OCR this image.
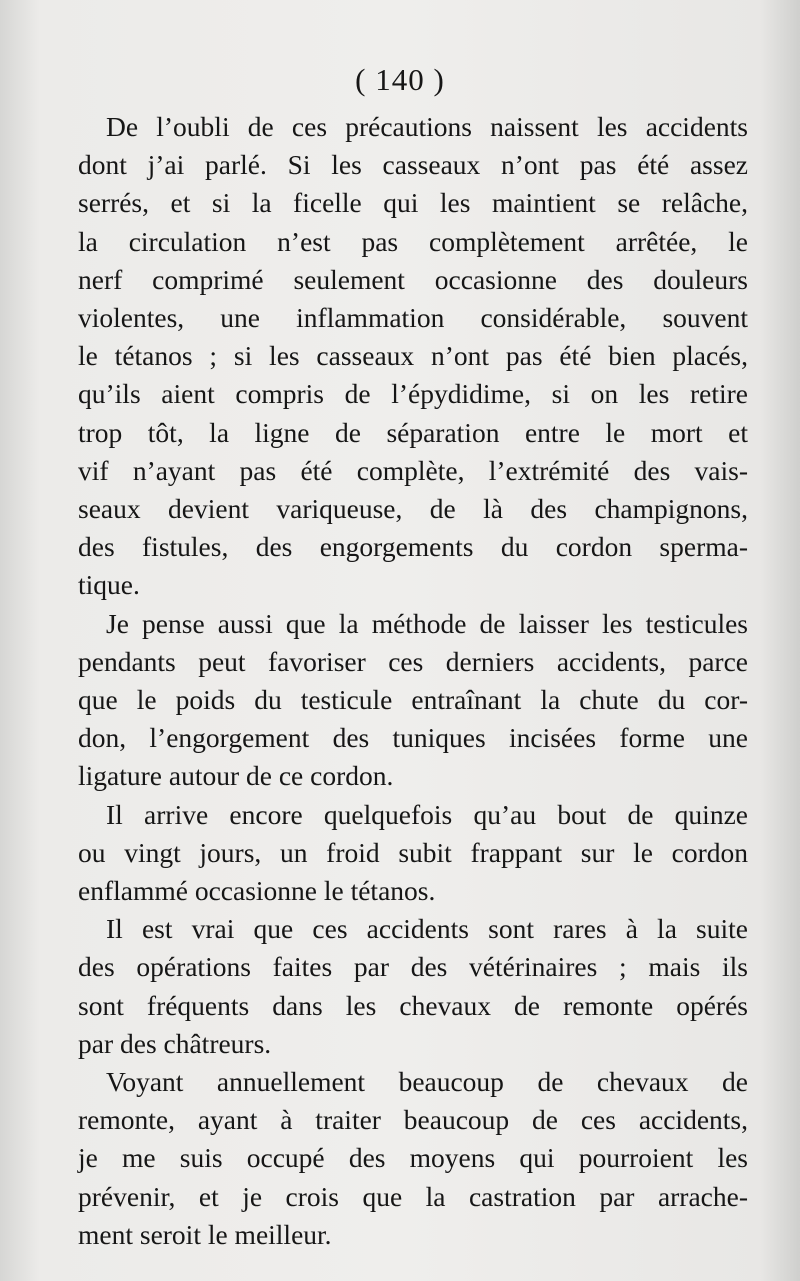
( 140 )

De l’oubli de ces précautions naissent les accidents
dont j’ai parlé. Si les casseaux n’ont pas été assez
serrés, et si la ficelle qui les maintient se relâche,
la circulation n’est pas complètement arrêtée, le
nerf comprimé seulement occasionne des douleurs
violentes, une inflammation considérable, souvent
le tétanos ; si les casseaux n’ont pas été bien placés,
qu’ils aient compris de l’épydidime, si on les retire
trop tôt, la ligne de séparation entre le mort et
vif n’ayant pas été complète, l’extrémité des vais-
seaux devient variqueuse, de là des champignons,
des fistules, des engorgements du cordon sperma-
tique.

Je pense aussi que la méthode de laisser les testicules
pendants peut favoriser ces derniers accidents, parce
que le poids du testicule entraînant la chute du cor-
don, l’engorgement des tuniques incisées forme une
ligature autour de ce cordon.

Il arrive encore quelquefois qu’au bout de quinze
ou vingt jours, un froid subit frappant sur le cordon
enflammé occasionne le tétanos.

Il est vrai que ces accidents sont rares à la suite
des opérations faites par des vétérinaires ; mais ils
sont fréquents dans les chevaux de remonte opérés
par des châtreurs.

Voyant annuellement beaucoup de chevaux de
remonte, ayant à traiter beaucoup de ces accidents,
je me suis occupé des moyens qui pourroient les
prévenir, et je crois que la castration par arrache-
ment seroit le meilleur.
